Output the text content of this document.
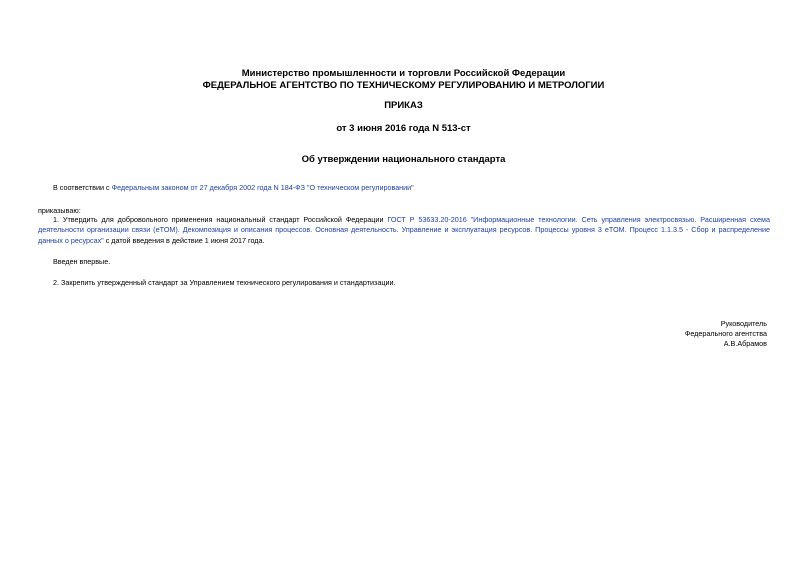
Министерство промышленности и торговли Российской Федерации
ФЕДЕРАЛЬНОЕ АГЕНТСТВО ПО ТЕХНИЧЕСКОМУ РЕГУЛИРОВАНИЮ И МЕТРОЛОГИИ
ПРИКАЗ
от 3 июня 2016 года N 513-ст
Об утверждении национального стандарта
В соответствии с Федеральным законом от 27 декабря 2002 года N 184-ФЗ "О техническом регулировании"
приказываю:
1. Утвердить для добровольного применения национальный стандарт Российской Федерации ГОСТ Р 53633.20-2016 "Информационные технологии. Сеть управления электросвязью. Расширенная схема
деятельности организации связи (eTOM). Декомпозиция и описания процессов. Основная деятельность. Управление и эксплуатация ресурсов. Процессы уровня 3 eTOM. Процесс 1.1.3.5 - Сбор и распределение
данных о ресурсах" с датой введения в действие 1 июня 2017 года.
Введен впервые.
2. Закрепить утвержденный стандарт за Управлением технического регулирования и стандартизации.
Руководитель
Федерального агентства
А.В.Абрамов
